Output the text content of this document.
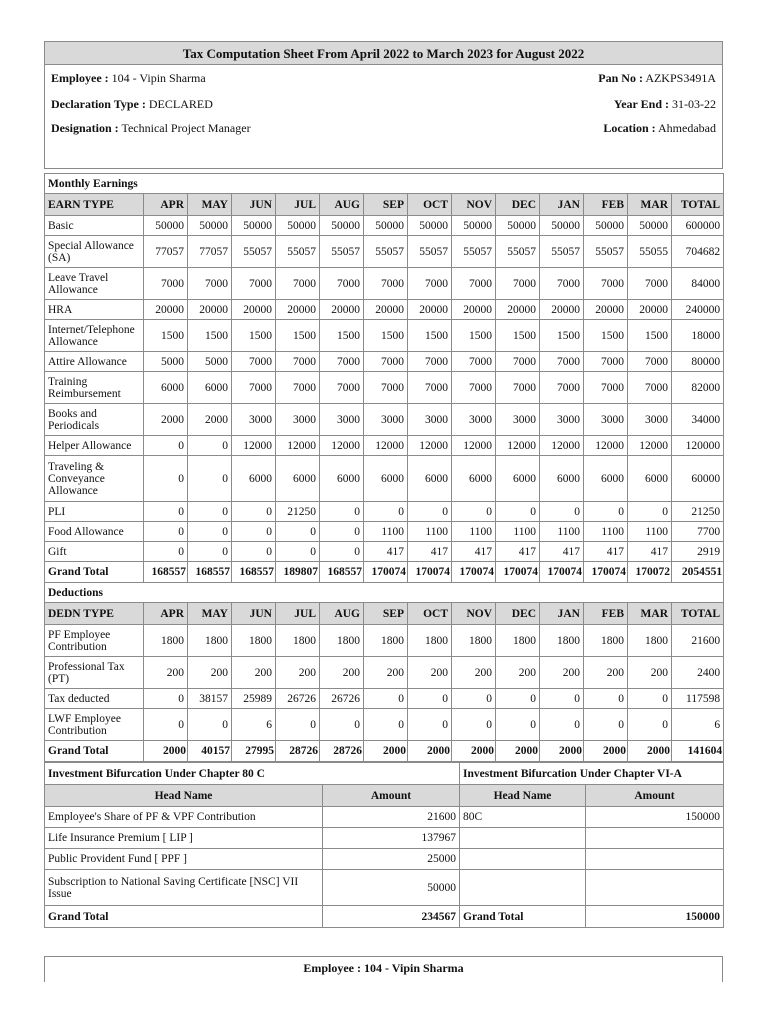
Tax Computation Sheet From April 2022 to March 2023 for August 2022
Employee : 104 - Vipin Sharma	Pan No : AZKPS3491A
Declaration Type : DECLARED	Year End : 31-03-22
Designation : Technical Project Manager	Location : Ahmedabad
Monthly Earnings													
EARN TYPE	APR	MAY	JUN	JUL	AUG	SEP	OCT	NOV	DEC	JAN	FEB	MAR	TOTAL
Basic	50000	50000	50000	50000	50000	50000	50000	50000	50000	50000	50000	50000	600000
Special Allowance (SA)	77057	77057	55057	55057	55057	55057	55057	55057	55057	55057	55057	55055	704682
Leave Travel Allowance	7000	7000	7000	7000	7000	7000	7000	7000	7000	7000	7000	7000	84000
HRA	20000	20000	20000	20000	20000	20000	20000	20000	20000	20000	20000	20000	240000
Internet/Telephone Allowance	1500	1500	1500	1500	1500	1500	1500	1500	1500	1500	1500	1500	18000
Attire Allowance	5000	5000	7000	7000	7000	7000	7000	7000	7000	7000	7000	7000	80000
Training Reimbursement	6000	6000	7000	7000	7000	7000	7000	7000	7000	7000	7000	7000	82000
Books and Periodicals	2000	2000	3000	3000	3000	3000	3000	3000	3000	3000	3000	3000	34000
Helper Allowance	0	0	12000	12000	12000	12000	12000	12000	12000	12000	12000	12000	120000
Traveling & Conveyance Allowance	0	0	6000	6000	6000	6000	6000	6000	6000	6000	6000	6000	60000
PLI	0	0	0	21250	0	0	0	0	0	0	0	0	21250
Food Allowance	0	0	0	0	0	1100	1100	1100	1100	1100	1100	1100	7700
Gift	0	0	0	0	0	417	417	417	417	417	417	417	2919
Grand Total	168557	168557	168557	189807	168557	170074	170074	170074	170074	170074	170074	170072	2054551
Deductions													
DEDN TYPE	APR	MAY	JUN	JUL	AUG	SEP	OCT	NOV	DEC	JAN	FEB	MAR	TOTAL
PF Employee Contribution	1800	1800	1800	1800	1800	1800	1800	1800	1800	1800	1800	1800	21600
Professional Tax (PT)	200	200	200	200	200	200	200	200	200	200	200	200	2400
Tax deducted	0	38157	25989	26726	26726	0	0	0	0	0	0	0	117598
LWF Employee Contribution	0	0	6	0	0	0	0	0	0	0	0	0	6
Grand Total	2000	40157	27995	28726	28726	2000	2000	2000	2000	2000	2000	2000	141604
Investment Bifurcation Under Chapter 80 C		Investment Bifurcation Under Chapter VI-A	
Head Name	Amount	Head Name	Amount
Employee's Share of PF & VPF Contribution	21600	80C	150000
Life Insurance Premium [ LIP ]	137967		
Public Provident Fund [ PPF ]	25000		
Subscription to National Saving Certificate [NSC] VII Issue	50000		
Grand Total	234567	Grand Total	150000
Employee : 104 - Vipin Sharma
